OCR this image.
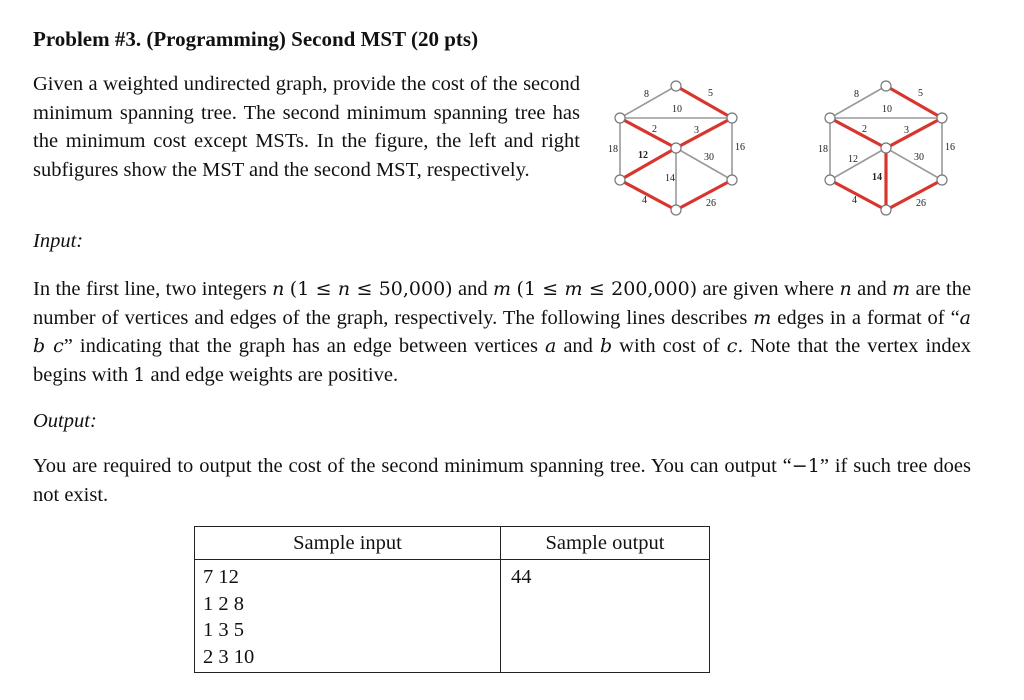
Problem #3. (Programming) Second MST (20 pts)
Given a weighted undirected graph, provide the cost of the second minimum spanning tree. The second minimum spanning tree has the minimum cost except MSTs. In the figure, the left and right subfigures show the MST and the second MST, respectively.
8	5
10
2	3
18
12	30
16
14
4	26
8	5
10
2	3
18
12	30
16
14
4	26
Input:
In the first line, two integers n (1 ≤ n ≤ 50,000) and m (1 ≤ m ≤ 200,000) are given where n and m are the number of vertices and edges of the graph, respectively. The following lines describes m edges in a format of “a b c” indicating that the graph has an edge between vertices a and b with cost of c. Note that the vertex index begins with 1 and edge weights are positive.
Output:
You are required to output the cost of the second minimum spanning tree. You can output “−1” if such tree does not exist.
Sample input	Sample output

7 12
1 2 8
1 3 5
2 3 10	44
